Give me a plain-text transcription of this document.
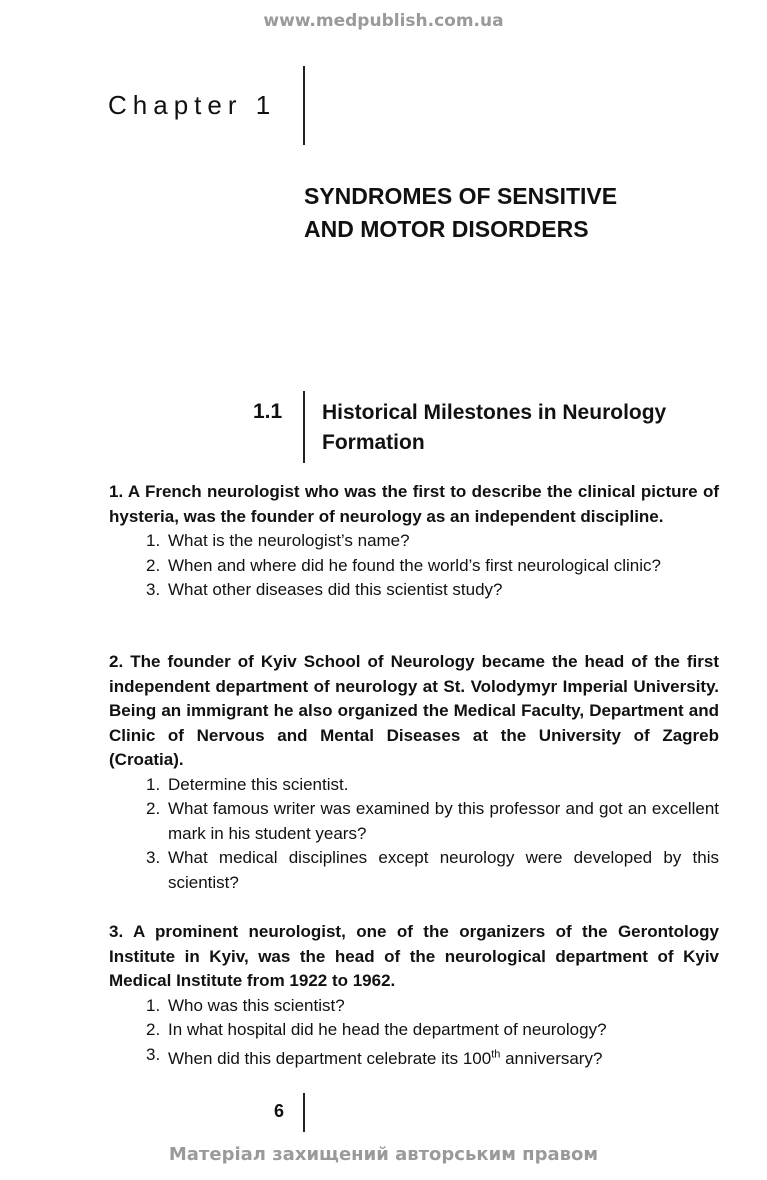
www.medpublish.com.ua
Chapter 1
SYNDROMES OF SENSITIVE
AND MOTOR DISORDERS
1.1 Historical Milestones in Neurology
Formation

1. A French neurologist who was the first to describe the clinical picture of hysteria, was the founder of neurology as an independent discipline.

1. What is the neurologist’s name?
2. When and where did he found the world’s first neurological clinic?
3. What other diseases did this scientist study?

2. The founder of Kyiv School of Neurology became the head of the first independent department of neurology at St. Volodymyr Imperial University. Being an immigrant he also organized the Medical Faculty, Department and Clinic of Nervous and Mental Diseases at the University of Zagreb (Croatia).

1. Determine this scientist.
2. What famous writer was examined by this professor and got an excellent mark in his student years?
3. What medical disciplines except neurology were developed by this scientist?

3. A prominent neurologist, one of the organizers of the Gerontology Institute in Kyiv, was the head of the neurological department of Kyiv Medical Institute from 1922 to 1962.

1. Who was this scientist?
2. In what hospital did he head the department of neurology?
3. When did this department celebrate its 100th anniversary?
6
Матеріал захищений авторським правом
